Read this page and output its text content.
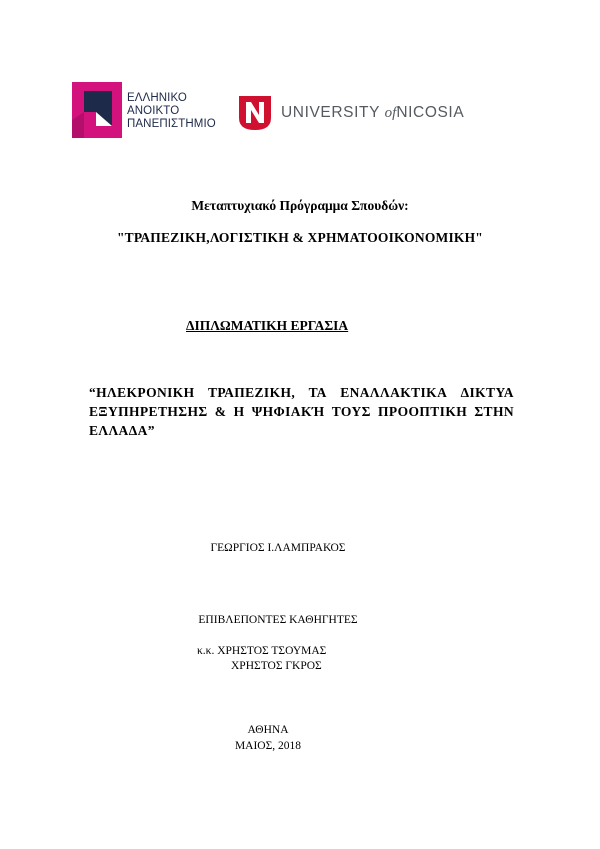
ΕΛΛΗΝΙΚΟ
ΑΝΟΙΚΤΟ
ΠΑΝΕΠΙΣΤΗΜΙΟ
UNIVERSITY ofNICOSIA
Μεταπτυχιακό Πρόγραμμα Σπουδών:
"ΤΡΑΠΕΖΙΚΗ,ΛΟΓΙΣΤΙΚΗ & ΧΡΗΜΑΤΟΟΙΚΟΝΟΜΙΚΗ"
ΔΙΠΛΩΜΑΤΙΚΗ ΕΡΓΑΣΙΑ
“ΗΛΕΚΡΟΝΙΚΗ ΤΡΑΠΕΖΙΚΗ, ΤΑ ΕΝΑΛΛΑΚΤΙΚΑ ΔΙΚΤΥΑ
ΕΞΥΠΗΡΕΤΗΣΗΣ & Η ΨΗΦΙΑΚΉ ΤΟΥΣ ΠΡΟΟΠΤΙΚΗ ΣΤΗΝ
ΕΛΛΑΔΑ”
ΓΕΩΡΓΙΟΣ Ι.ΛΑΜΠΡΑΚΟΣ
ΕΠΙΒΛΕΠΟΝΤΕΣ ΚΑΘΗΓΗΤΕΣ
κ.κ. ΧΡΗΣΤΟΣ ΤΣΟΥΜΑΣ
ΧΡΗΣΤΟΣ ΓΚΡΟΣ
ΑΘΗΝΑ
ΜΑΙΟΣ, 2018
